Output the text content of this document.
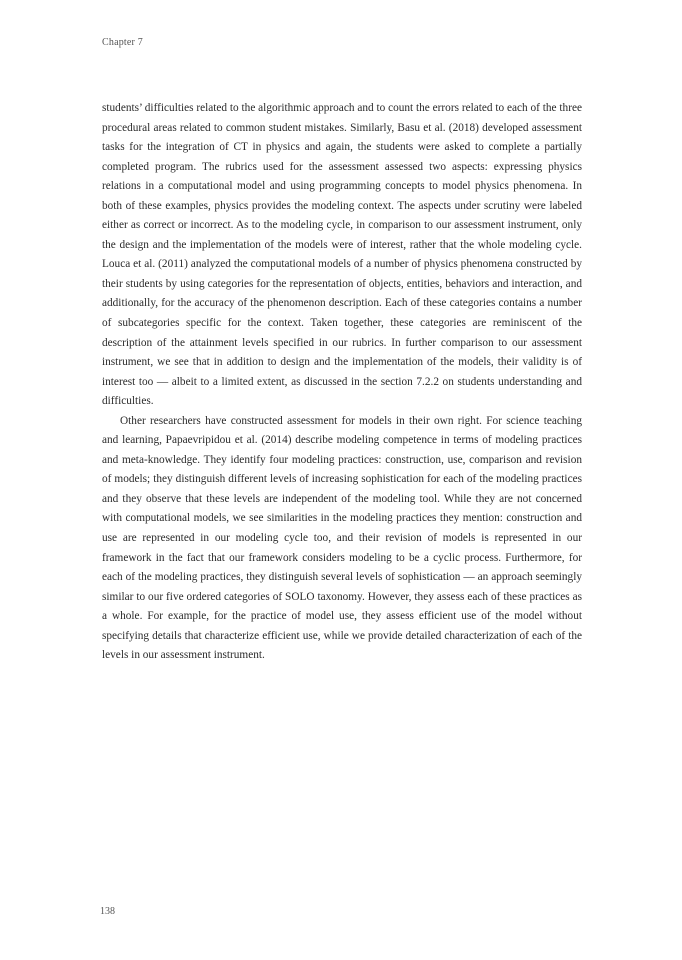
Chapter 7

students’ difficulties related to the algorithmic approach and to count the errors related to each of the three procedural areas related to common student mistakes. Similarly, Basu et al. (2018) developed assessment tasks for the integration of CT in physics and again, the students were asked to complete a partially completed program. The rubrics used for the assessment assessed two aspects: expressing physics relations in a computational model and using programming concepts to model physics phenomena. In both of these examples, physics provides the modeling context. The aspects under scrutiny were labeled either as correct or incorrect. As to the modeling cycle, in comparison to our assessment instrument, only the design and the implementation of the models were of interest, rather that the whole modeling cycle. Louca et al. (2011) analyzed the computational models of a number of physics phenomena constructed by their students by using categories for the representation of objects, entities, behaviors and interaction, and additionally, for the accuracy of the phenomenon description. Each of these categories contains a number of subcategories specific for the context. Taken together, these categories are reminiscent of the description of the attainment levels specified in our rubrics. In further comparison to our assessment instrument, we see that in addition to design and the implementation of the models, their validity is of interest too — albeit to a limited extent, as discussed in the section 7.2.2 on students understanding and difficulties.

Other researchers have constructed assessment for models in their own right. For science teaching and learning, Papaevripidou et al. (2014) describe modeling competence in terms of modeling practices and meta-knowledge. They identify four modeling practices: construction, use, comparison and revision of models; they distinguish different levels of increasing sophistication for each of the modeling practices and they observe that these levels are independent of the modeling tool. While they are not concerned with computational models, we see similarities in the modeling practices they mention: construction and use are represented in our modeling cycle too, and their revision of models is represented in our framework in the fact that our framework considers modeling to be a cyclic process. Furthermore, for each of the modeling practices, they distinguish several levels of sophistication — an approach seemingly similar to our five ordered categories of SOLO taxonomy. However, they assess each of these practices as a whole. For example, for the practice of model use, they assess efficient use of the model without specifying details that characterize efficient use, while we provide detailed characterization of each of the levels in our assessment instrument.

138
